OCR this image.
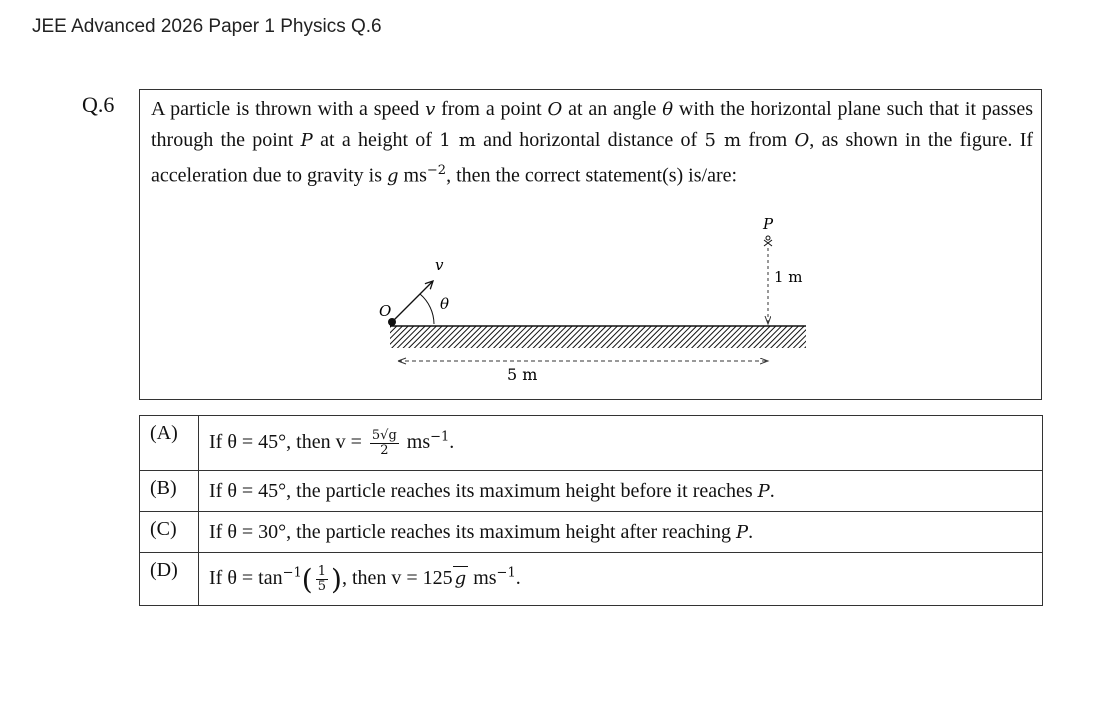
JEE Advanced 2026 Paper 1 Physics Q.6
Q.6 A particle is thrown with a speed v from a point O at an angle θ with the horizontal plane such that it passes through the point P at a height of 1 m and horizontal distance of 5 m from O, as shown in the figure. If acceleration due to gravity is g $ms^{-2}$, then the correct statement(s) is/are:
O
v
θ
P
1 m
5 m
(A)	If θ = 45°, then $v = \frac{5√g}{2} ms^{-1}$.
(B)	If θ = 45°, the particle reaches its maximum height before it reaches P.
(C)	If θ = 30°, the particle reaches its maximum height after reaching P.
(D)	If $\theta = \tan^{-1}( \frac{1}{5}$ ), then v = 125 g $ms^{-1}$.
